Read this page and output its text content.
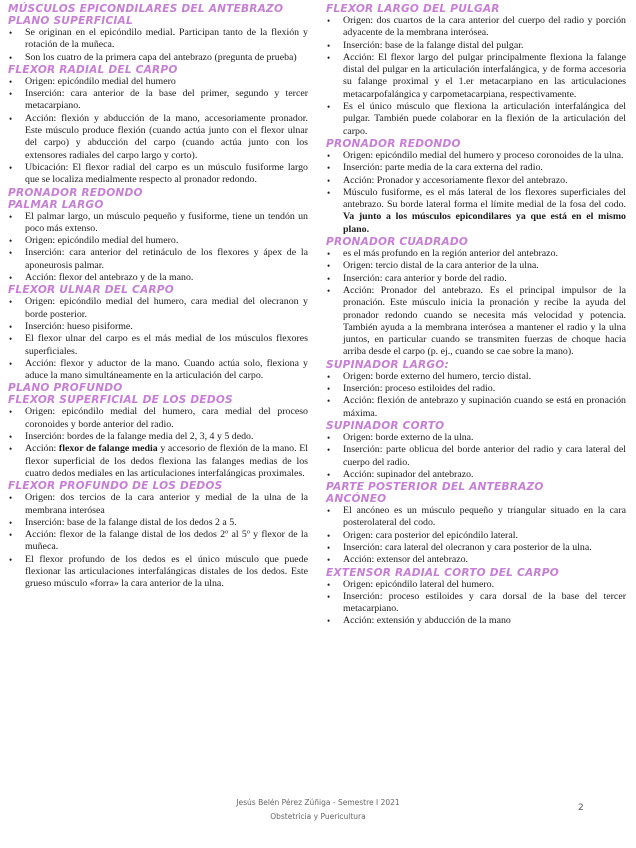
MÚSCULOS EPICONDILARES DEL ANTEBRAZO
PLANO SUPERFICIAL
• Se originan en el epicóndilo medial. Participan tanto de la flexión y rotación de la muñeca.
• Son los cuatro de la primera capa del antebrazo (pregunta de prueba)
FLEXOR RADIAL DEL CARPO
• Origen: epicóndilo medial del humero
• Inserción: cara anterior de la base del primer, segundo y tercer metacarpiano.
• Acción: flexión y abducción de la mano, accesoriamente pronador. Este músculo produce flexión (cuando actúa junto con el flexor ulnar del carpo) y abducción del carpo (cuando actúa junto con los extensores radiales del carpo largo y corto).
• Ubicación: El flexor radial del carpo es un músculo fusiforme largo que se localiza medialmente respecto al pronador redondo.
PRONADOR REDONDO
PALMAR LARGO
• El palmar largo, un músculo pequeño y fusiforme, tiene un tendón un poco más extenso.
• Origen: epicóndilo medial del humero.
• Inserción: cara anterior del retináculo de los flexores y ápex de la aponeurosis palmar.
• Acción: flexor del antebrazo y de la mano.
FLEXOR ULNAR DEL CARPO
• Origen: epicóndilo medial del humero, cara medial del olecranon y borde posterior.
• Inserción: hueso pisiforme.
• El flexor ulnar del carpo es el más medial de los músculos flexores superficiales.
• Acción: flexor y aductor de la mano. Cuando actúa solo, flexiona y aduce la mano simultáneamente en la articulación del carpo.
PLANO PROFUNDO
FLEXOR SUPERFICIAL DE LOS DEDOS
• Origen: epicóndilo medial del humero, cara medial del proceso coronoides y borde anterior del radio.
• Inserción: bordes de la falange media del 2, 3, 4 y 5 dedo.
• Acción: flexor de falange media y accesorio de flexión de la mano. El flexor superficial de los dedos flexiona las falanges medias de los cuatro dedos mediales en las articulaciones interfalángicas proximales.
FLEXOR PROFUNDO DE LOS DEDOS
• Origen: dos tercios de la cara anterior y medial de la ulna de la membrana interósea
• Inserción: base de la falange distal de los dedos 2 a 5.
• Acción: flexor de la falange distal de los dedos 2º al 5º y flexor de la muñeca.
• El flexor profundo de los dedos es el único músculo que puede flexionar las articulaciones interfalángicas distales de los dedos. Este grueso músculo «forra» la cara anterior de la ulna.
FLEXOR LARGO DEL PULGAR
• Origen: dos cuartos de la cara anterior del cuerpo del radio y porción adyacente de la membrana interósea.
• Inserción: base de la falange distal del pulgar.
• Acción: El flexor largo del pulgar principalmente flexiona la falange distal del pulgar en la articulación interfalángica, y de forma accesoria su falange proximal y el 1.er metacarpiano en las articulaciones metacarpofalángica y carpometacarpiana, respectivamente.
• Es el único músculo que flexiona la articulación interfalángica del pulgar. También puede colaborar en la flexión de la articulación del carpo.
PRONADOR REDONDO
• Origen: epicóndilo medial del humero y proceso coronoides de la ulna.
• Inserción: parte media de la cara externa del radio.
• Acción: Pronador y accesoriamente flexor del antebrazo.
• Músculo fusiforme, es el más lateral de los flexores superficiales del antebrazo. Su borde lateral forma el límite medial de la fosa del codo. Va junto a los músculos epicondilares ya que está en el mismo plano.
PRONADOR CUADRADO
• es el más profundo en la región anterior del antebrazo.
• Origen: tercio distal de la cara anterior de la ulna.
• Inserción: cara anterior y borde del radio.
• Acción: Pronador del antebrazo. Es el principal impulsor de la pronación. Este músculo inicia la pronación y recibe la ayuda del pronador redondo cuando se necesita más velocidad y potencia. También ayuda a la membrana interósea a mantener el radio y la ulna juntos, en particular cuando se transmiten fuerzas de choque hacia arriba desde el carpo (p. ej., cuando se cae sobre la mano).
SUPINADOR LARGO:
• Origen: borde externo del humero, tercio distal.
• Inserción: proceso estiloides del radio.
• Acción: flexión de antebrazo y supinación cuando se está en pronación máxima.
SUPINADOR CORTO
• Origen: borde externo de la ulna.
• Inserción: parte oblicua del borde anterior del radio y cara lateral del cuerpo del radio.
• Acción: supinador del antebrazo.
PARTE POSTERIOR DEL ANTEBRAZO
ANCÓNEO
• El ancóneo es un músculo pequeño y triangular situado en la cara posterolateral del codo.
• Origen: cara posterior del epicóndilo lateral.
• Inserción: cara lateral del olecranon y cara posterior de la ulna.
• Acción: extensor del antebrazo.
EXTENSOR RADIAL CORTO DEL CARPO
• Origen: epicóndilo lateral del humero.
• Inserción: proceso estiloides y cara dorsal de la base del tercer metacarpiano.
• Acción: extensión y abducción de la mano
Jesús Belén Pérez Zúñiga - Semestre I 2021
Obstetricia y Puericultura
2
